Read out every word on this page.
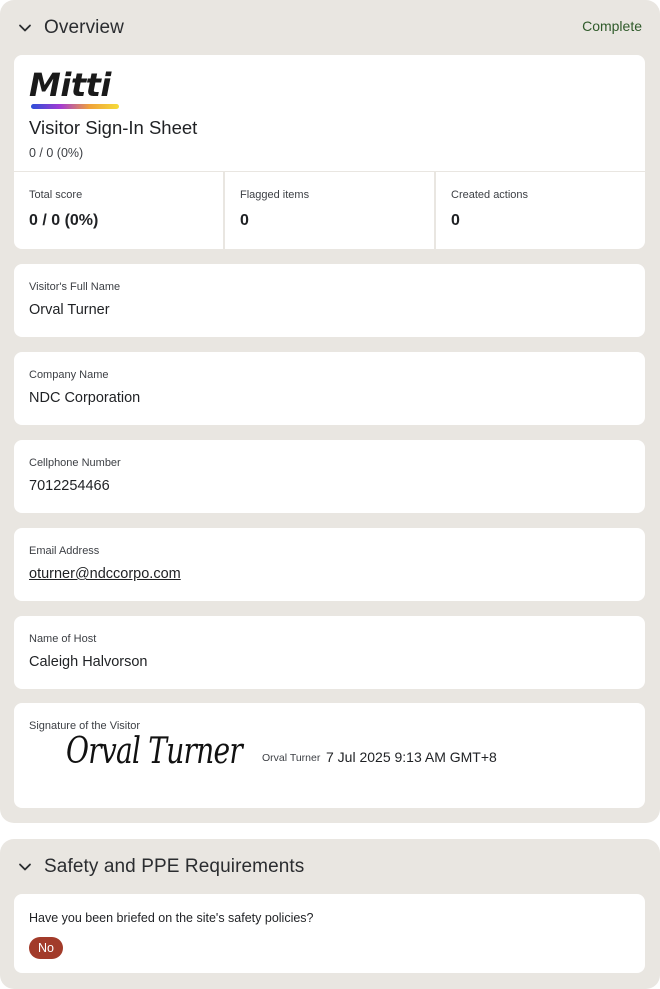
Overview	Complete
Mitti
Visitor Sign-In Sheet
0 / 0 (0%)
Total score
0 / 0 (0%)
Flagged items
0
Created actions
0
Visitor's Full Name
Orval Turner
Company Name
NDC Corporation
Cellphone Number
7012254466
Email Address
oturner@ndccorpo.com
Name of Host
Caleigh Halvorson
Signature of the Visitor
Orval Turner Orval Turner 7 Jul 2025 9:13 AM GMT+8
Safety and PPE Requirements
Have you been briefed on the site's safety policies?
No
